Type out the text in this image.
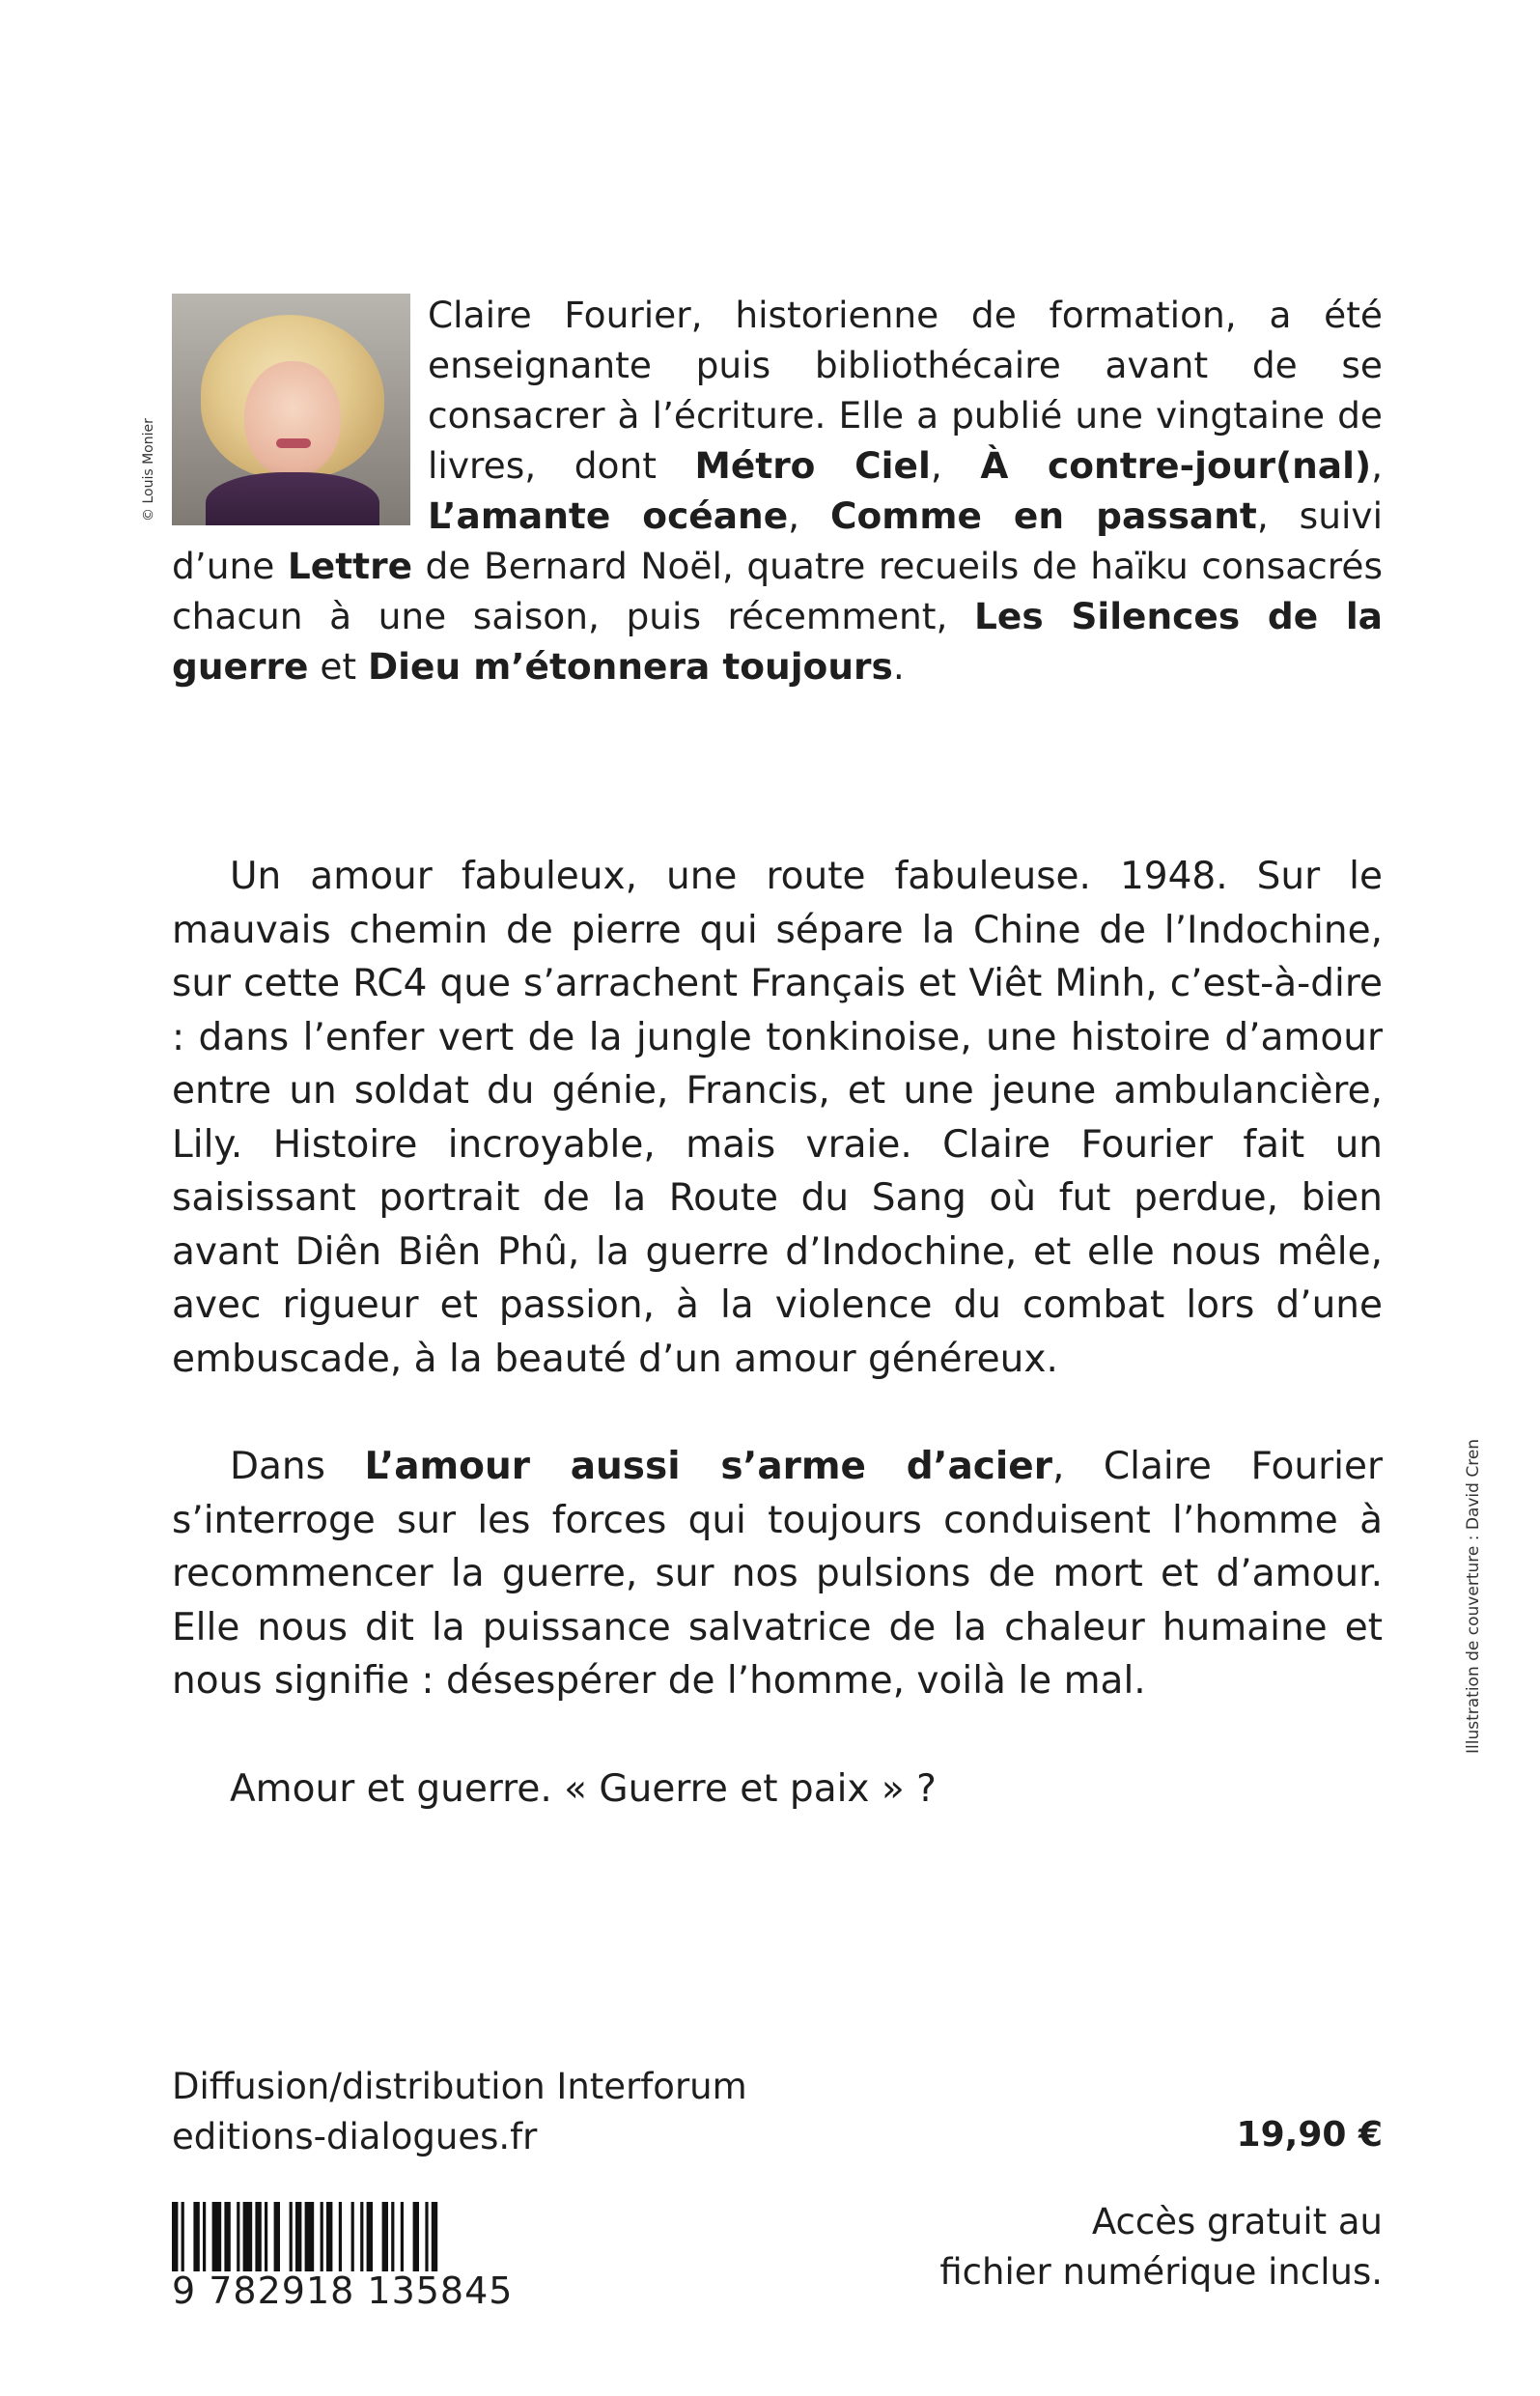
Claire Fourier, historienne de formation, a été enseignante puis bibliothécaire avant de se consacrer à l’écriture. Elle a publié une vingtaine de livres, dont Métro Ciel, À contre-jour(nal), L’amante océane, Comme en passant, suivi d’une Lettre de Bernard Noël, quatre recueils de haïku consacrés chacun à une saison, puis récemment, Les Silences de la guerre et Dieu m’étonnera toujours.
© Louis Monier

Un amour fabuleux, une route fabuleuse. 1948. Sur le mauvais chemin de pierre qui sépare la Chine de l’Indochine, sur cette RC4 que s’arrachent Français et Viêt Minh, c’est-à-dire : dans l’enfer vert de la jungle tonkinoise, une histoire d’amour entre un soldat du génie, Francis, et une jeune ambulancière, Lily. Histoire incroyable, mais vraie. Claire Fourier fait un saisissant portrait de la Route du Sang où fut perdue, bien avant Diên Biên Phû, la guerre d’Indochine, et elle nous mêle, avec rigueur et passion, à la violence du combat lors d’une embuscade, à la beauté d’un amour généreux.

Dans L’amour aussi s’arme d’acier, Claire Fourier s’interroge sur les forces qui toujours conduisent l’homme à recommencer la guerre, sur nos pulsions de mort et d’amour. Elle nous dit la puissance salvatrice de la chaleur humaine et nous signifie : désespérer de l’homme, voilà le mal.

Amour et guerre. « Guerre et paix » ?

Illustration de couverture : David Cren
Diffusion/distribution Interforum
editions-dialogues.fr	19,90 €
Accès gratuit au
fichier numérique inclus.
9 782918 135845
